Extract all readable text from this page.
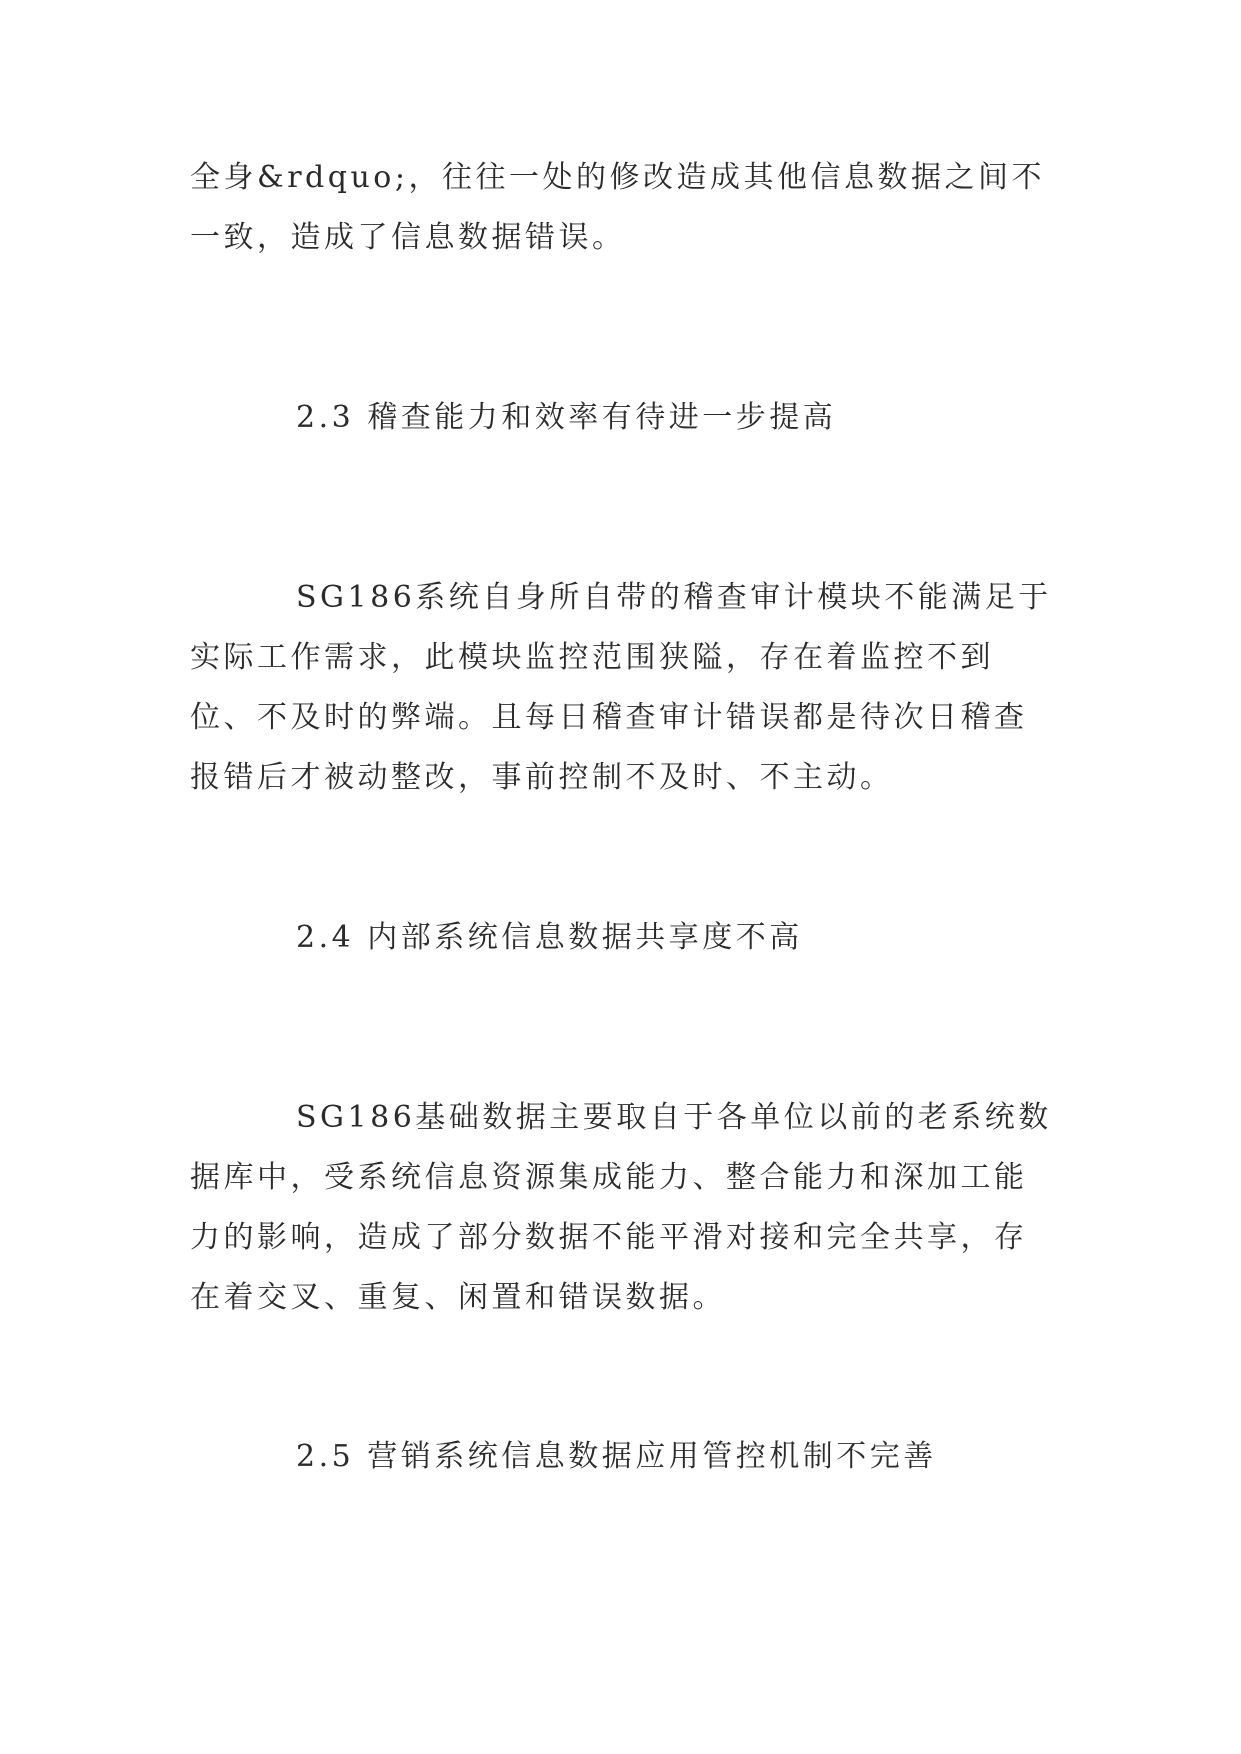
全身&rdquo;，往往一处的修改造成其他信息数据之间不一致，造成了信息数据错误。

2.3 稽查能力和效率有待进一步提高

SG186系统自身所自带的稽查审计模块不能满足于实际工作需求，此模块监控范围狭隘，存在着监控不到位、不及时的弊端。且每日稽查审计错误都是待次日稽查报错后才被动整改，事前控制不及时、不主动。

2.4 内部系统信息数据共享度不高

SG186基础数据主要取自于各单位以前的老系统数据库中，受系统信息资源集成能力、整合能力和深加工能力的影响，造成了部分数据不能平滑对接和完全共享，存在着交叉、重复、闲置和错误数据。

2.5 营销系统信息数据应用管控机制不完善
